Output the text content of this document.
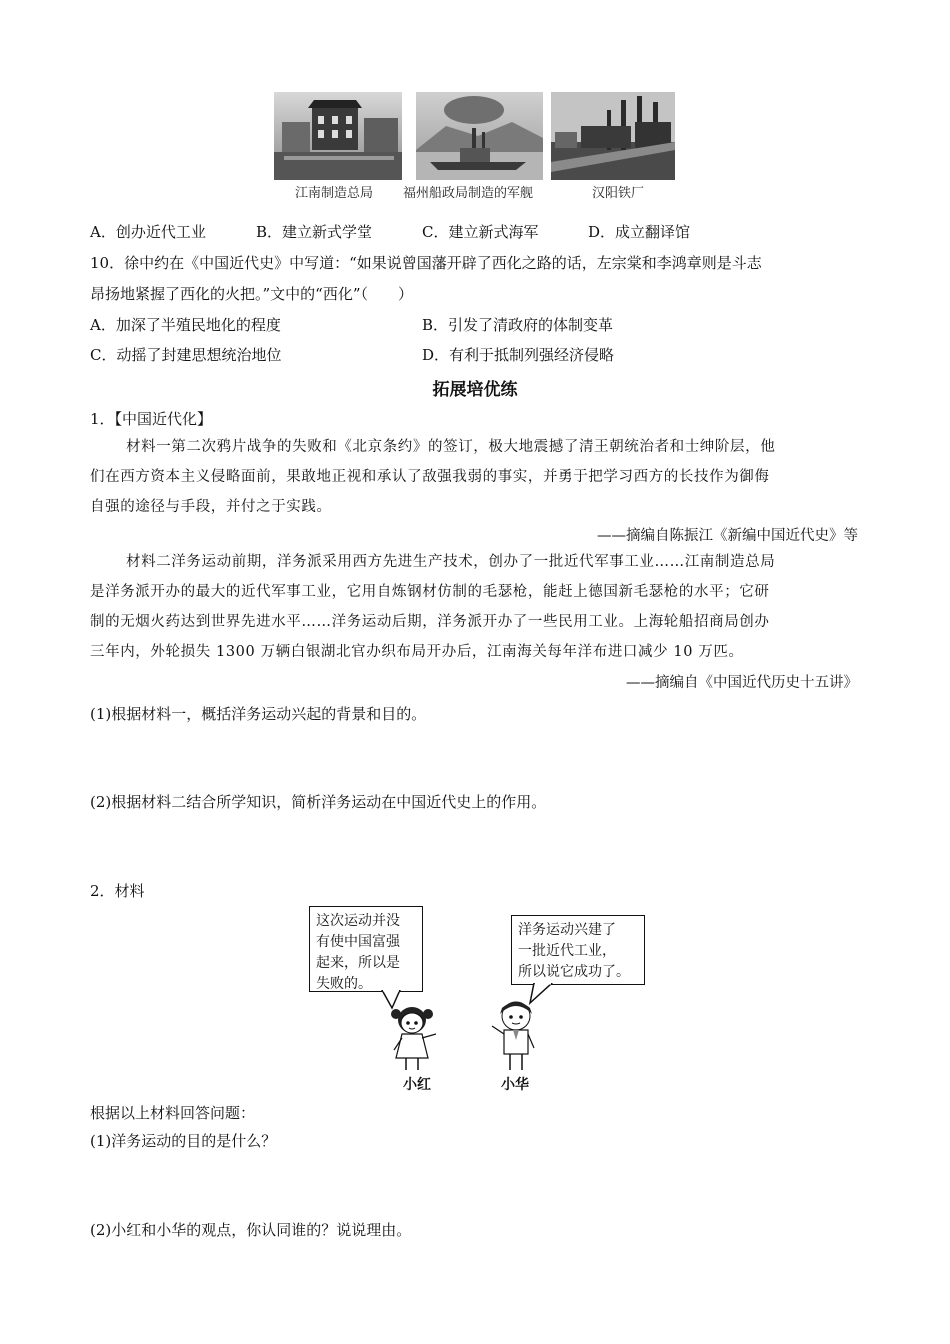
江南制造总局 福州船政局制造的军舰	汉阳铁厂
A．创办近代工业	B．建立新式学堂	C．建立新式海军	D．成立翻译馆
10．徐中约在《中国近代史》中写道：“如果说曾国藩开辟了西化之路的话，左宗棠和李鸿章则是斗志
昂扬地紧握了西化的火把。”文中的“西化”（　　）
A．加深了半殖民地化的程度	B．引发了清政府的体制变革
C．动摇了封建思想统治地位	D．有利于抵制列强经济侵略
拓展培优练
1．【中国近代化】
材料一第二次鸦片战争的失败和《北京条约》的签订，极大地震撼了清王朝统治者和士绅阶层，他
们在西方资本主义侵略面前，果敢地正视和承认了敌强我弱的事实，并勇于把学习西方的长技作为御侮
自强的途径与手段，并付之于实践。
——摘编自陈振江《新编中国近代史》等
材料二洋务运动前期，洋务派采用西方先进生产技术，创办了一批近代军事工业……江南制造总局
是洋务派开办的最大的近代军事工业，它用自炼钢材仿制的毛瑟枪，能赶上德国新毛瑟枪的水平；它研
制的无烟火药达到世界先进水平……洋务运动后期，洋务派开办了一些民用工业。上海轮船招商局创办
三年内，外轮损失 1300 万辆白银湖北官办织布局开办后，江南海关每年洋布进口减少 10 万匹。
——摘编自《中国近代历史十五讲》
(1)根据材料一，概括洋务运动兴起的背景和目的。
(2)根据材料二结合所学知识，简析洋务运动在中国近代史上的作用。
2．材料
这次运动并没
有使中国富强
起来，所以是
失败的。
洋务运动兴建了
一批近代工业，
所以说它成功了。
小红	小华
根据以上材料回答问题：
(1)洋务运动的目的是什么？
(2)小红和小华的观点，你认同谁的？说说理由。
